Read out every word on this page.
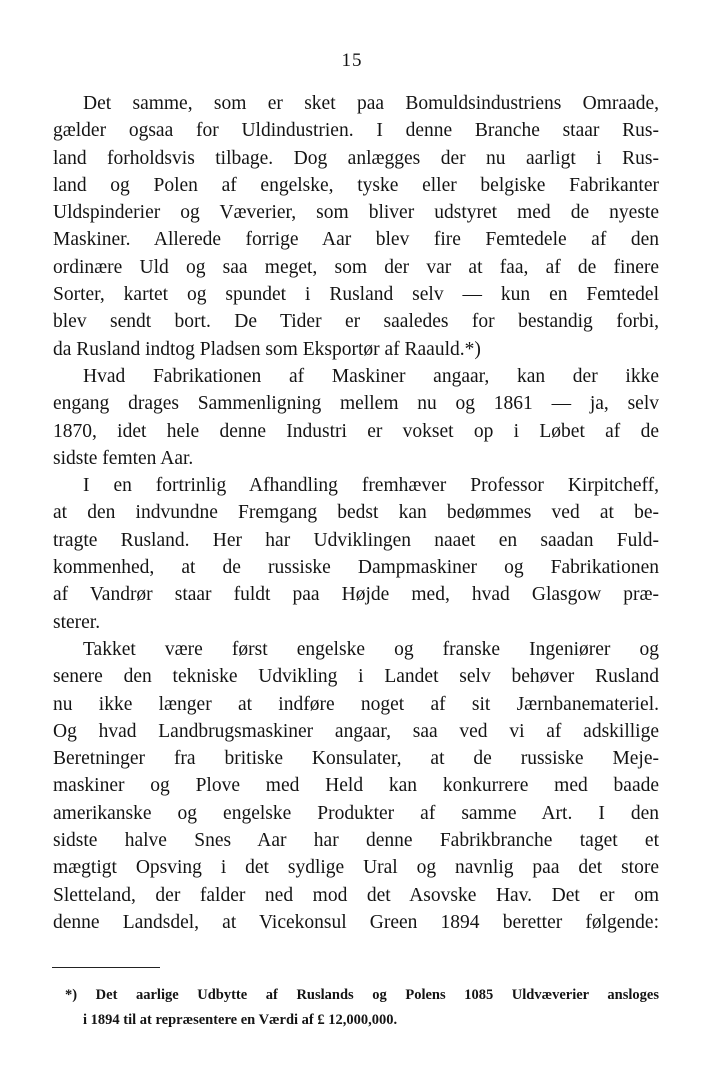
15
Det samme, som er sket paa Bomuldsindustriens Omraade,
gælder ogsaa for Uldindustrien. I denne Branche staar Rus-
land forholdsvis tilbage. Dog anlægges der nu aarligt i Rus-
land og Polen af engelske, tyske eller belgiske Fabrikanter
Uldspinderier og Væverier, som bliver udstyret med de nyeste
Maskiner. Allerede forrige Aar blev fire Femtedele af den
ordinære Uld og saa meget, som der var at faa, af de finere
Sorter, kartet og spundet i Rusland selv — kun en Femtedel
blev sendt bort. De Tider er saaledes for bestandig forbi,
da Rusland indtog Pladsen som Eksportør af Raauld.*)
Hvad Fabrikationen af Maskiner angaar, kan der ikke
engang drages Sammenligning mellem nu og 1861 — ja, selv
1870, idet hele denne Industri er vokset op i Løbet af de
sidste femten Aar.
I en fortrinlig Afhandling fremhæver Professor Kirpitcheff,
at den indvundne Fremgang bedst kan bedømmes ved at be-
tragte Rusland. Her har Udviklingen naaet en saadan Fuld-
kommenhed, at de russiske Dampmaskiner og Fabrikationen
af Vandrør staar fuldt paa Højde med, hvad Glasgow præ-
sterer.
Takket være først engelske og franske Ingeniører og
senere den tekniske Udvikling i Landet selv behøver Rusland
nu ikke længer at indføre noget af sit Jærnbanemateriel.
Og hvad Landbrugsmaskiner angaar, saa ved vi af adskillige
Beretninger fra britiske Konsulater, at de russiske Meje-
maskiner og Plove med Held kan konkurrere med baade
amerikanske og engelske Produkter af samme Art. I den
sidste halve Snes Aar har denne Fabrikbranche taget et
mægtigt Opsving i det sydlige Ural og navnlig paa det store
Sletteland, der falder ned mod det Asovske Hav. Det er om
denne Landsdel, at Vicekonsul Green 1894 beretter følgende:
*) Det aarlige Udbytte af Ruslands og Polens 1085 Uldvæverier ansloges
i 1894 til at repræsentere en Værdi af £ 12,000,000.
